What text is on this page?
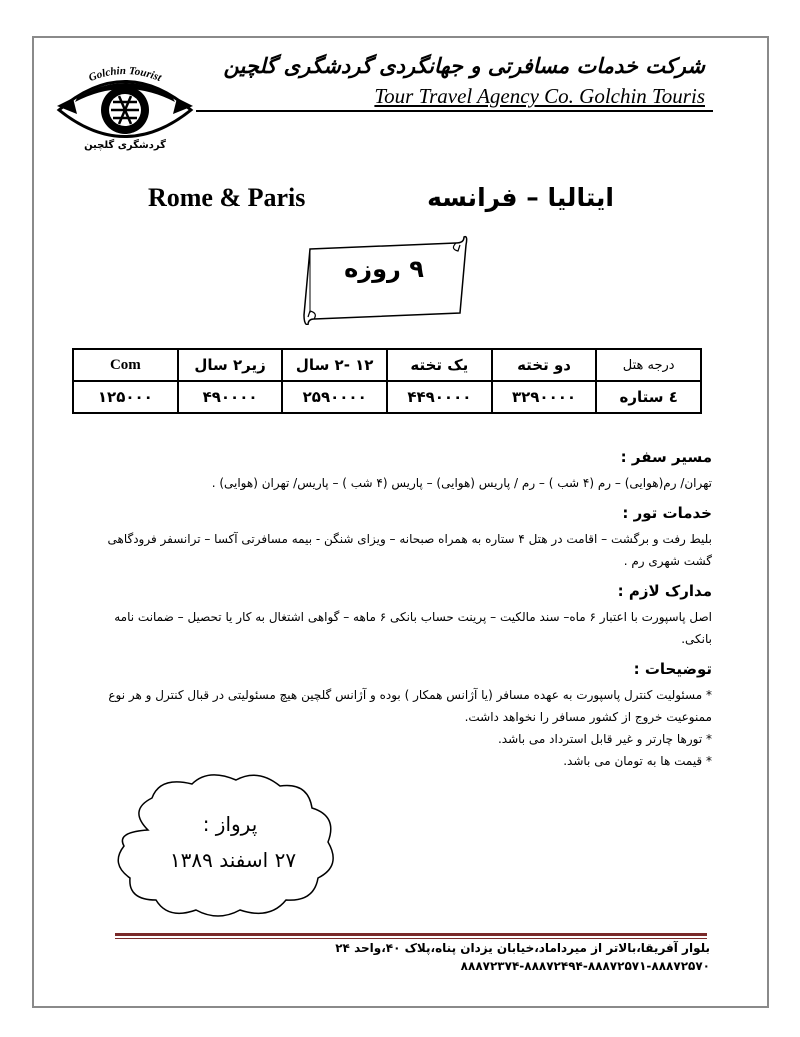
Golchin Tourist
گردشگری گلچین
شرکت خدمات مسافرتی و جهانگردی گردشگری گلچین
Tour Travel Agency Co. Golchin Touris
Rome & Paris	ایتالیا – فرانسه
۹ روزه
درجه هتل	دو تخته	یک تخته	۱۲ -۲ سال	زیر۲ سال	Com
٤ ستاره	۳۲۹۰۰۰۰	۴۴۹۰۰۰۰	۲۵۹۰۰۰۰	۴۹۰۰۰۰	۱۲۵۰۰۰
مسیر سفر :

تهران/ رم(هوایی) – رم (۴ شب ) – رم / پاریس (هوایی) – پاریس (۴ شب ) – پاریس/ تهران (هوایی) .

خدمات تور :

بلیط رفت و برگشت – اقامت در هتل ۴ ستاره به همراه صبحانه – ویزای شنگن - بیمه مسافرتی آکسا – ترانسفر فرودگاهی

گشت شهری رم .

مدارک لازم :

اصل پاسپورت با اعتبار ۶ ماه– سند مالکیت – پرینت حساب بانکی ۶ ماهه – گواهی اشتغال به کار یا تحصیل – ضمانت نامه

بانکی.

توضیحات :

* مسئولیت کنترل پاسپورت به عهده مسافر (یا آژانس همکار ) بوده و آژانس گلچین هیچ مسئولیتی در قبال کنترل و هر نوع

ممنوعیت خروج از کشور مسافر را نخواهد داشت.

* تورها چارتر و غیر قابل استرداد می باشد.

* قیمت ها به تومان می باشد.

پرواز :
۲۷ اسفند ۱۳۸۹
بلوار آفریقا،بالاتر از میرداماد،خیابان یزدان پناه،پلاک ۴۰،واحد ۲۴
۸۸۸۷۲۳۷۴-۸۸۸۷۲۴۹۴-۸۸۸۷۲۵۷۱-۸۸۸۷۲۵۷۰
